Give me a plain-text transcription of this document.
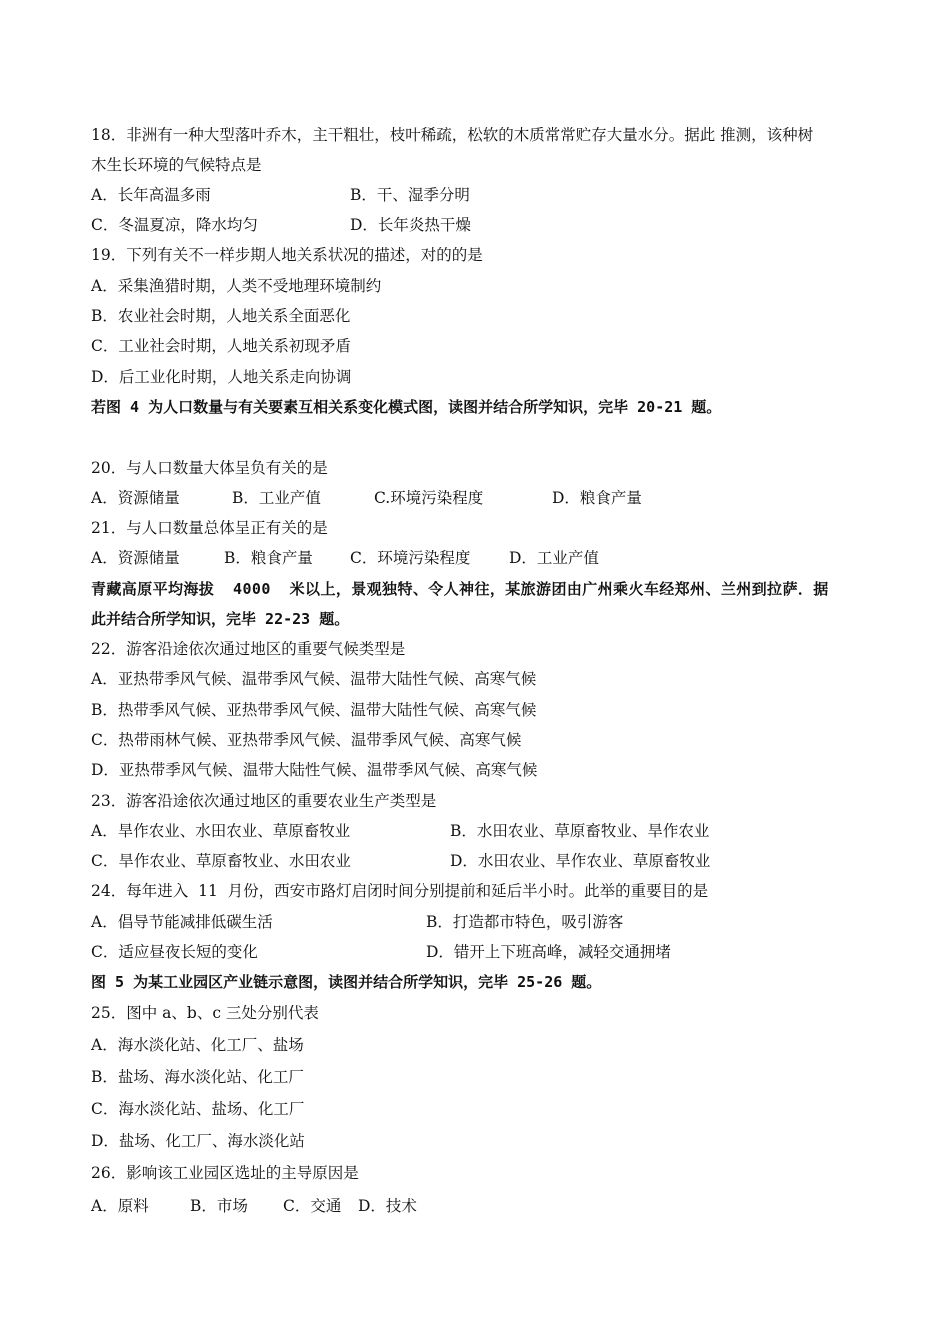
18．非洲有一种大型落叶乔木，主干粗壮，枝叶稀疏，松软的木质常常贮存大量水分。据此 推测，该种树
木生长环境的气候特点是
A．长年高温多雨	B．干、湿季分明
C．冬温夏凉，降水均匀	D．长年炎热干燥
19．下列有关不一样步期人地关系状况的描述，对的的是
A．采集渔猎时期，人类不受地理环境制约
B．农业社会时期，人地关系全面恶化
C．工业社会时期，人地关系初现矛盾
D．后工业化时期，人地关系走向协调
若图 4 为人口数量与有关要素互相关系变化模式图，读图并结合所学知识，完毕 20-21 题。
20．与人口数量大体呈负有关的是
A．资源储量	B．工业产值	C.环境污染程度	D．粮食产量
21．与人口数量总体呈正有关的是
A．资源储量	B．粮食产量 C．环境污染程度 D．工业产值
青藏高原平均海拔  4000  米以上，景观独特、令人神往，某旅游团由广州乘火车经郑州、兰州到拉萨．据
此并结合所学知识，完毕 22-23 题。
22．游客沿途依次通过地区的重要气候类型是
A．亚热带季风气候、温带季风气候、温带大陆性气候、高寒气候
B．热带季风气候、亚热带季风气候、温带大陆性气候、高寒气候
C．热带雨林气候、亚热带季风气候、温带季风气候、高寒气候
D．亚热带季风气候、温带大陆性气候、温带季风气候、高寒气候
23．游客沿途依次通过地区的重要农业生产类型是
A．旱作农业、水田农业、草原畜牧业	B．水田农业、草原畜牧业、旱作农业
C．旱作农业、草原畜牧业、水田农业	D．水田农业、旱作农业、草原畜牧业
24．每年进入  11  月份，西安市路灯启闭时间分别提前和延后半小时。此举的重要目的是
A．倡导节能减排低碳生活	B．打造都市特色，吸引游客
C．适应昼夜长短的变化	D．错开上下班高峰，减轻交通拥堵
图 5 为某工业园区产业链示意图，读图并结合所学知识，完毕 25-26 题。
25．图中 a、b、c 三处分别代表
A．海水淡化站、化工厂、盐场
B．盐场、海水淡化站、化工厂
C．海水淡化站、盐场、化工厂
D．盐场、化工厂、海水淡化站
26．影响该工业园区选址的主导原因是
A．原料	B．市场 C．交通 D．技术
